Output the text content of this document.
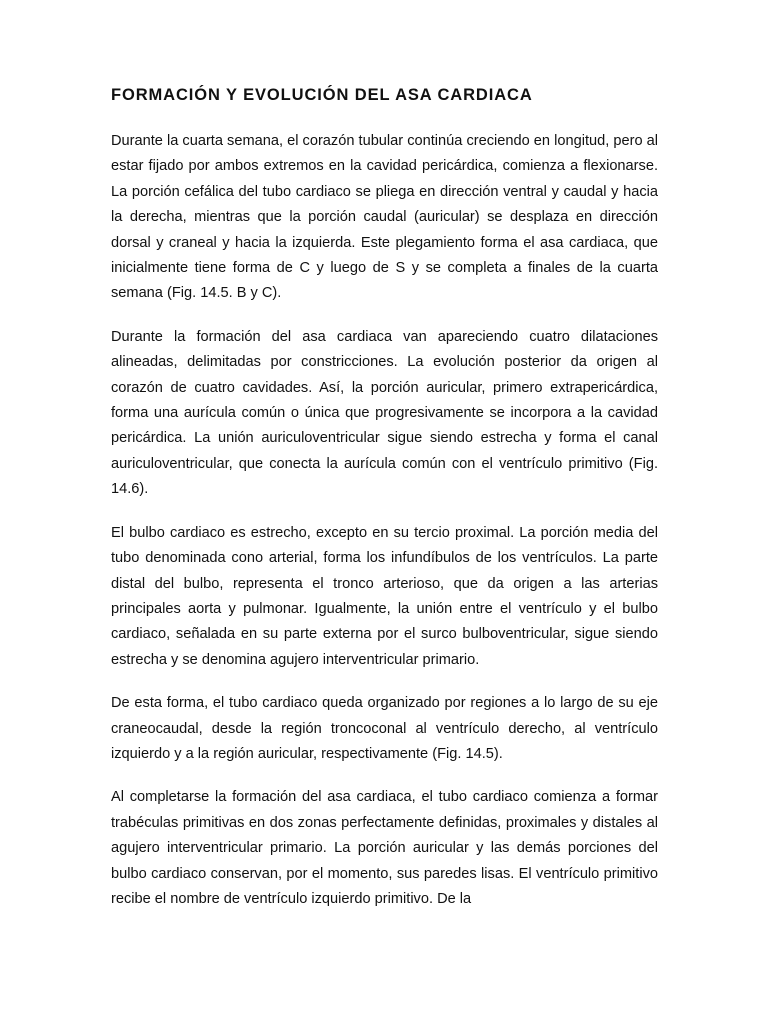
FORMACIÓN Y EVOLUCIÓN DEL ASA CARDIACA

Durante la cuarta semana, el corazón tubular continúa creciendo en longitud, pero al estar fijado por ambos extremos en la cavidad pericárdica, comienza a flexionarse. La porción cefálica del tubo cardiaco se pliega en dirección ventral y caudal y hacia la derecha, mientras que la porción caudal (auricular) se desplaza en dirección dorsal y craneal y hacia la izquierda. Este plegamiento forma el asa cardiaca, que inicialmente tiene forma de C y luego de S y se completa a finales de la cuarta semana (Fig. 14.5. B y C).

Durante la formación del asa cardiaca van apareciendo cuatro dilataciones alineadas, delimitadas por constricciones. La evolución posterior da origen al corazón de cuatro cavidades. Así, la porción auricular, primero extrapericárdica, forma una aurícula común o única que progresivamente se incorpora a la cavidad pericárdica. La unión auriculoventricular sigue siendo estrecha y forma el canal auriculoventricular, que conecta la aurícula común con el ventrículo primitivo (Fig. 14.6).

El bulbo cardiaco es estrecho, excepto en su tercio proximal. La porción media del tubo denominada cono arterial, forma los infundíbulos de los ventrículos. La parte distal del bulbo, representa el tronco arterioso, que da origen a las arterias principales aorta y pulmonar. Igualmente, la unión entre el ventrículo y el bulbo cardiaco, señalada en su parte externa por el surco bulboventricular, sigue siendo estrecha y se denomina agujero interventricular primario.

De esta forma, el tubo cardiaco queda organizado por regiones a lo largo de su eje craneocaudal, desde la región troncoconal al ventrículo derecho, al ventrículo izquierdo y a la región auricular, respectivamente (Fig. 14.5).

Al completarse la formación del asa cardiaca, el tubo cardiaco comienza a formar trabéculas primitivas en dos zonas perfectamente definidas, proximales y distales al agujero interventricular primario. La porción auricular y las demás porciones del bulbo cardiaco conservan, por el momento, sus paredes lisas. El ventrículo primitivo recibe el nombre de ventrículo izquierdo primitivo. De la
